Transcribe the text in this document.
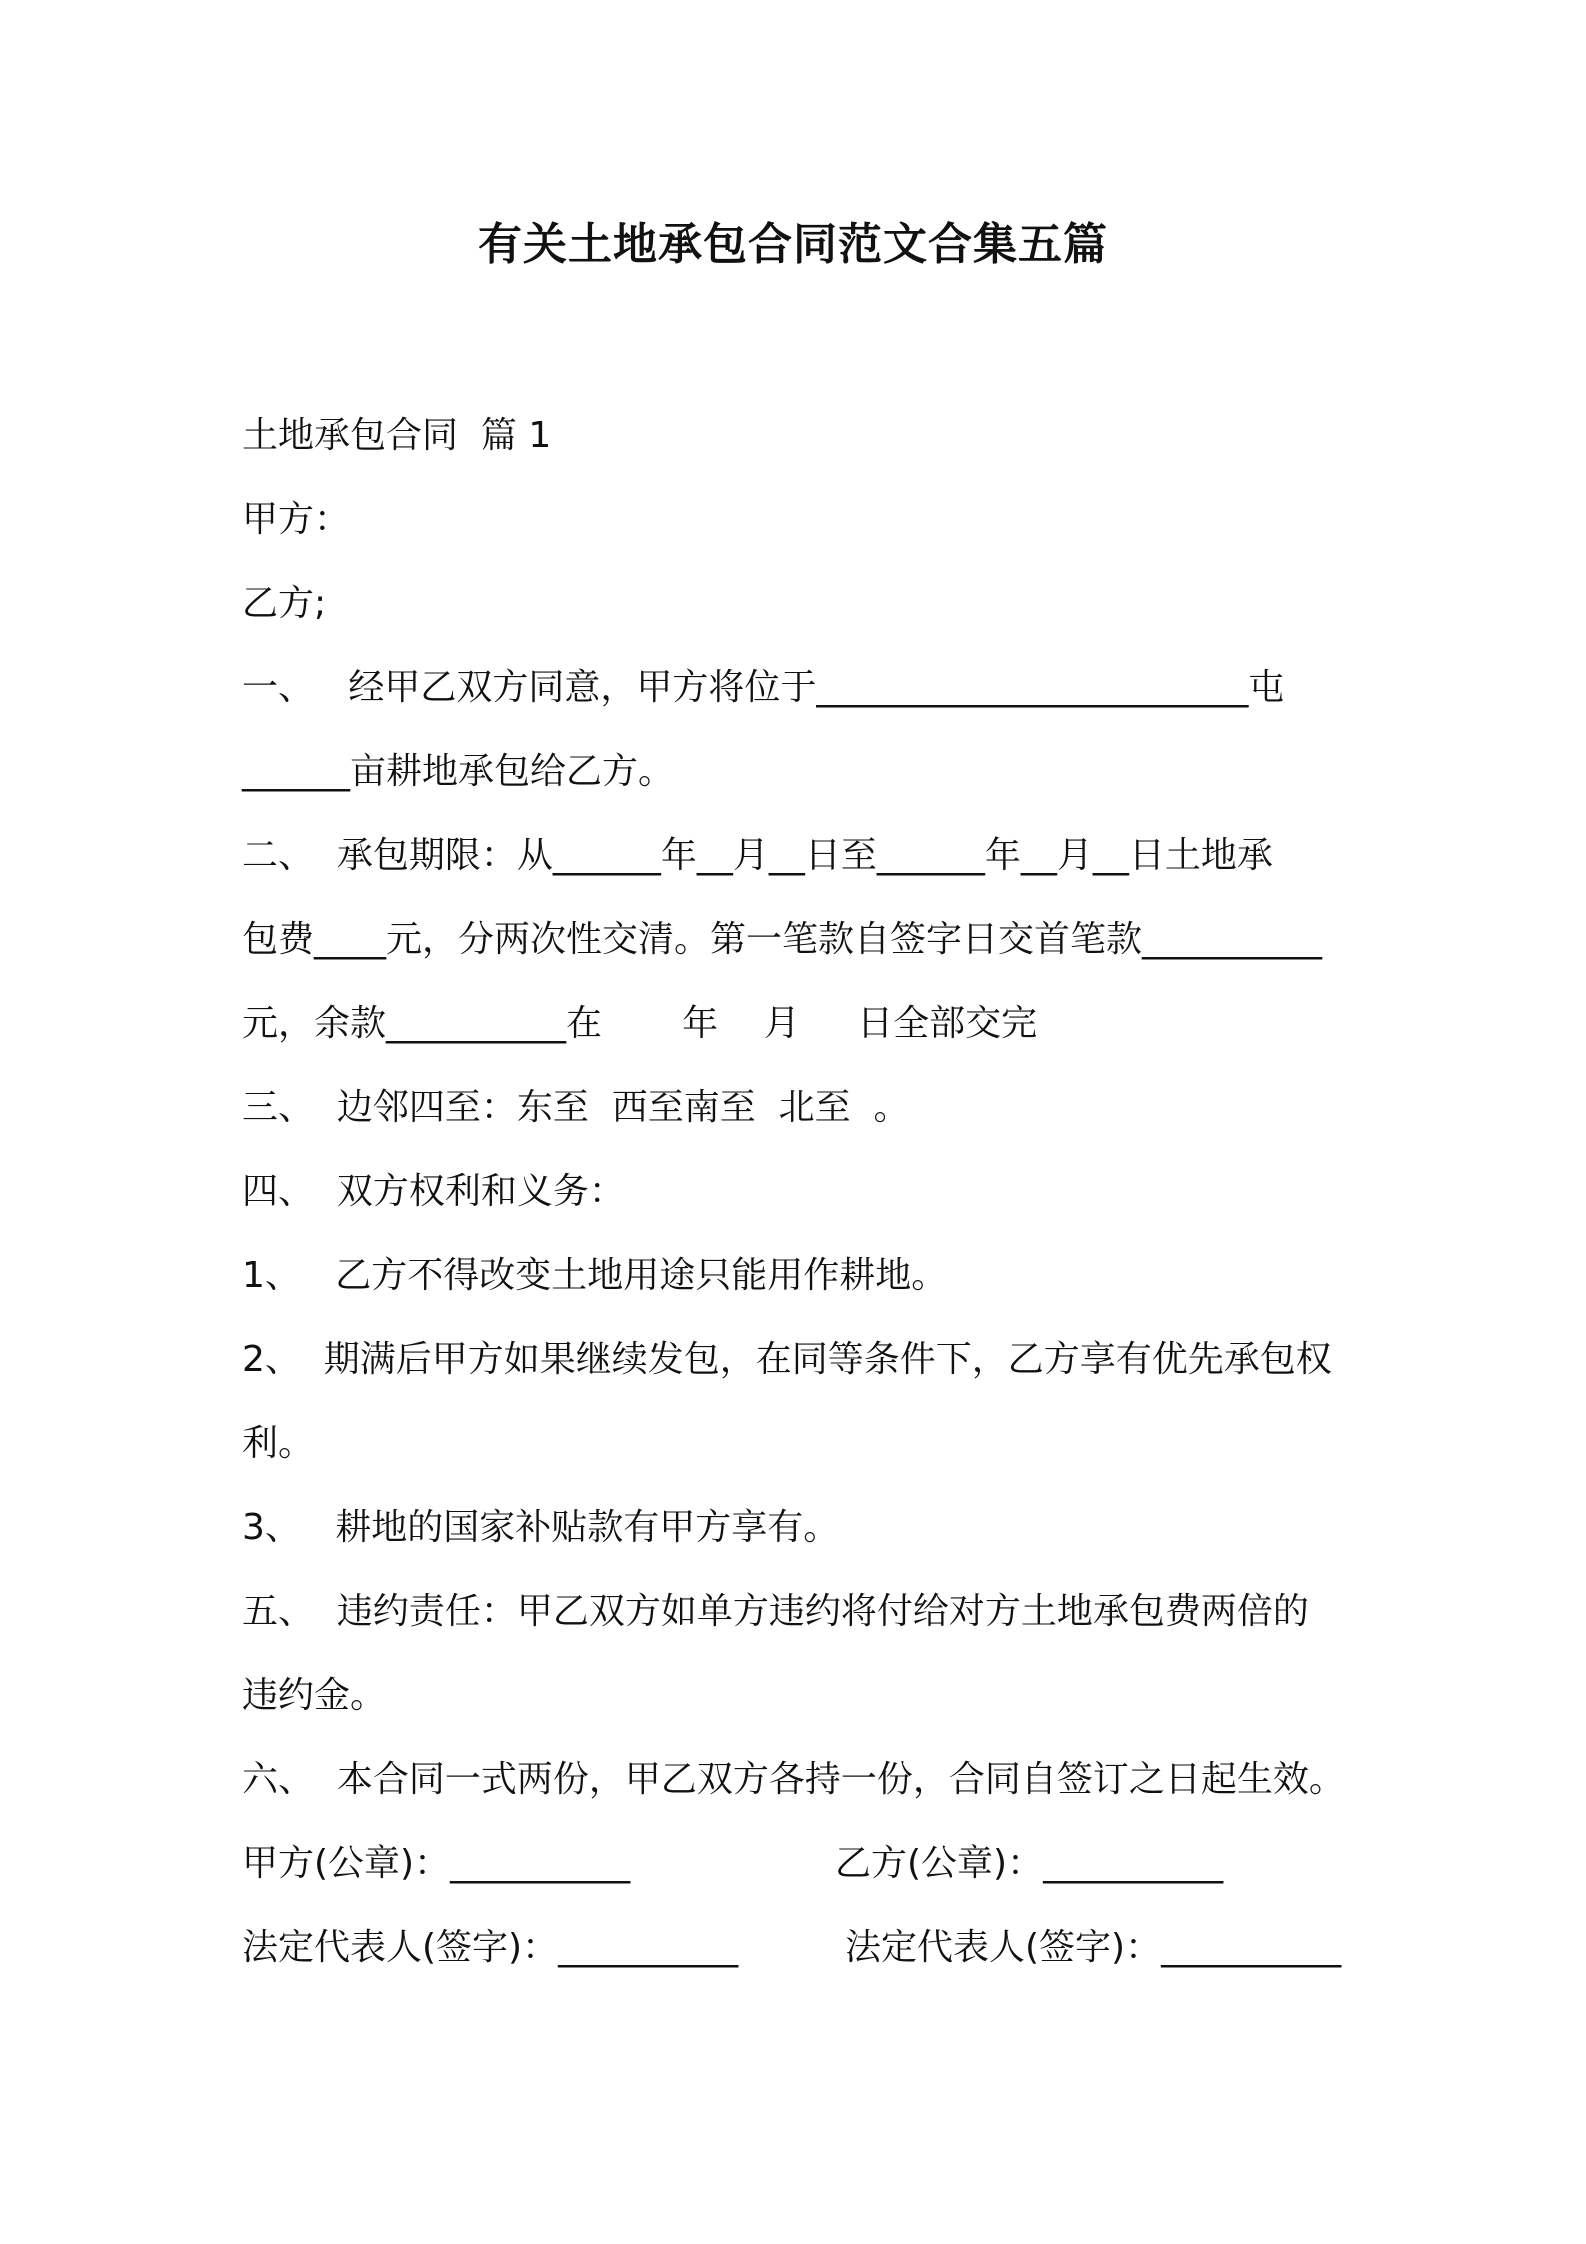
有关土地承包合同范文合集五篇
土地承包合同  篇 1
甲方：
乙方;
一、   经甲乙双方同意，甲方将位于________________________屯
______亩耕地承包给乙方。
二、  承包期限：从______年__月__日至______年__月__日土地承
包费____元，分两次性交清。第一笔款自签字日交首笔款__________
元，余款__________在       年    月     日全部交完
三、  边邻四至：东至  西至南至  北至  。
四、  双方权利和义务：
1、   乙方不得改变土地用途只能用作耕地。
2、  期满后甲方如果继续发包，在同等条件下，乙方享有优先承包权
利。
3、   耕地的国家补贴款有甲方享有。
五、  违约责任：甲乙双方如单方违约将付给对方土地承包费两倍的
违约金。
六、  本合同一式两份，甲乙双方各持一份，合同自签订之日起生效。
甲方(公章)：__________	乙方(公章)：__________
法定代表人(签字)：__________	法定代表人(签字)：__________
